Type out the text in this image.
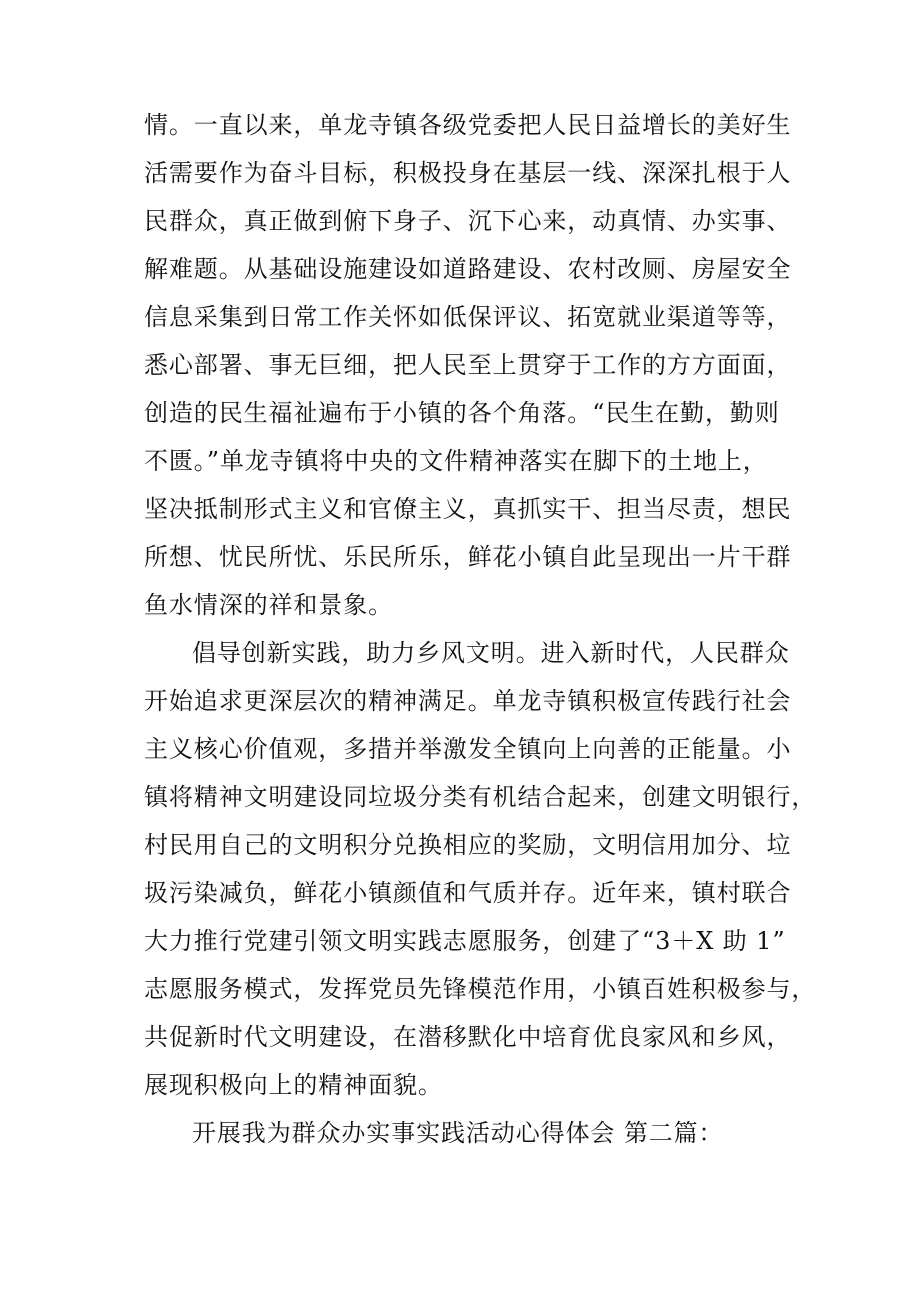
情。一直以来，单龙寺镇各级党委把人民日益增长的美好生
活需要作为奋斗目标，积极投身在基层一线、深深扎根于人
民群众，真正做到俯下身子、沉下心来，动真情、办实事、
解难题。从基础设施建设如道路建设、农村改厕、房屋安全
信息采集到日常工作关怀如低保评议、拓宽就业渠道等等，
悉心部署、事无巨细，把人民至上贯穿于工作的方方面面，
创造的民生福祉遍布于小镇的各个角落。“民生在勤，勤则
不匮。”单龙寺镇将中央的文件精神落实在脚下的土地上，
坚决抵制形式主义和官僚主义，真抓实干、担当尽责，想民
所想、忧民所忧、乐民所乐，鲜花小镇自此呈现出一片干群
鱼水情深的祥和景象。
倡导创新实践，助力乡风文明。进入新时代，人民群众
开始追求更深层次的精神满足。单龙寺镇积极宣传践行社会
主义核心价值观，多措并举激发全镇向上向善的正能量。小
镇将精神文明建设同垃圾分类有机结合起来，创建文明银行，
村民用自己的文明积分兑换相应的奖励，文明信用加分、垃
圾污染减负，鲜花小镇颜值和气质并存。近年来，镇村联合
大力推行党建引领文明实践志愿服务，创建了“3＋X 助 1”
志愿服务模式，发挥党员先锋模范作用，小镇百姓积极参与，
共促新时代文明建设，在潜移默化中培育优良家风和乡风，
展现积极向上的精神面貌。
开展我为群众办实事实践活动心得体会 第二篇：
